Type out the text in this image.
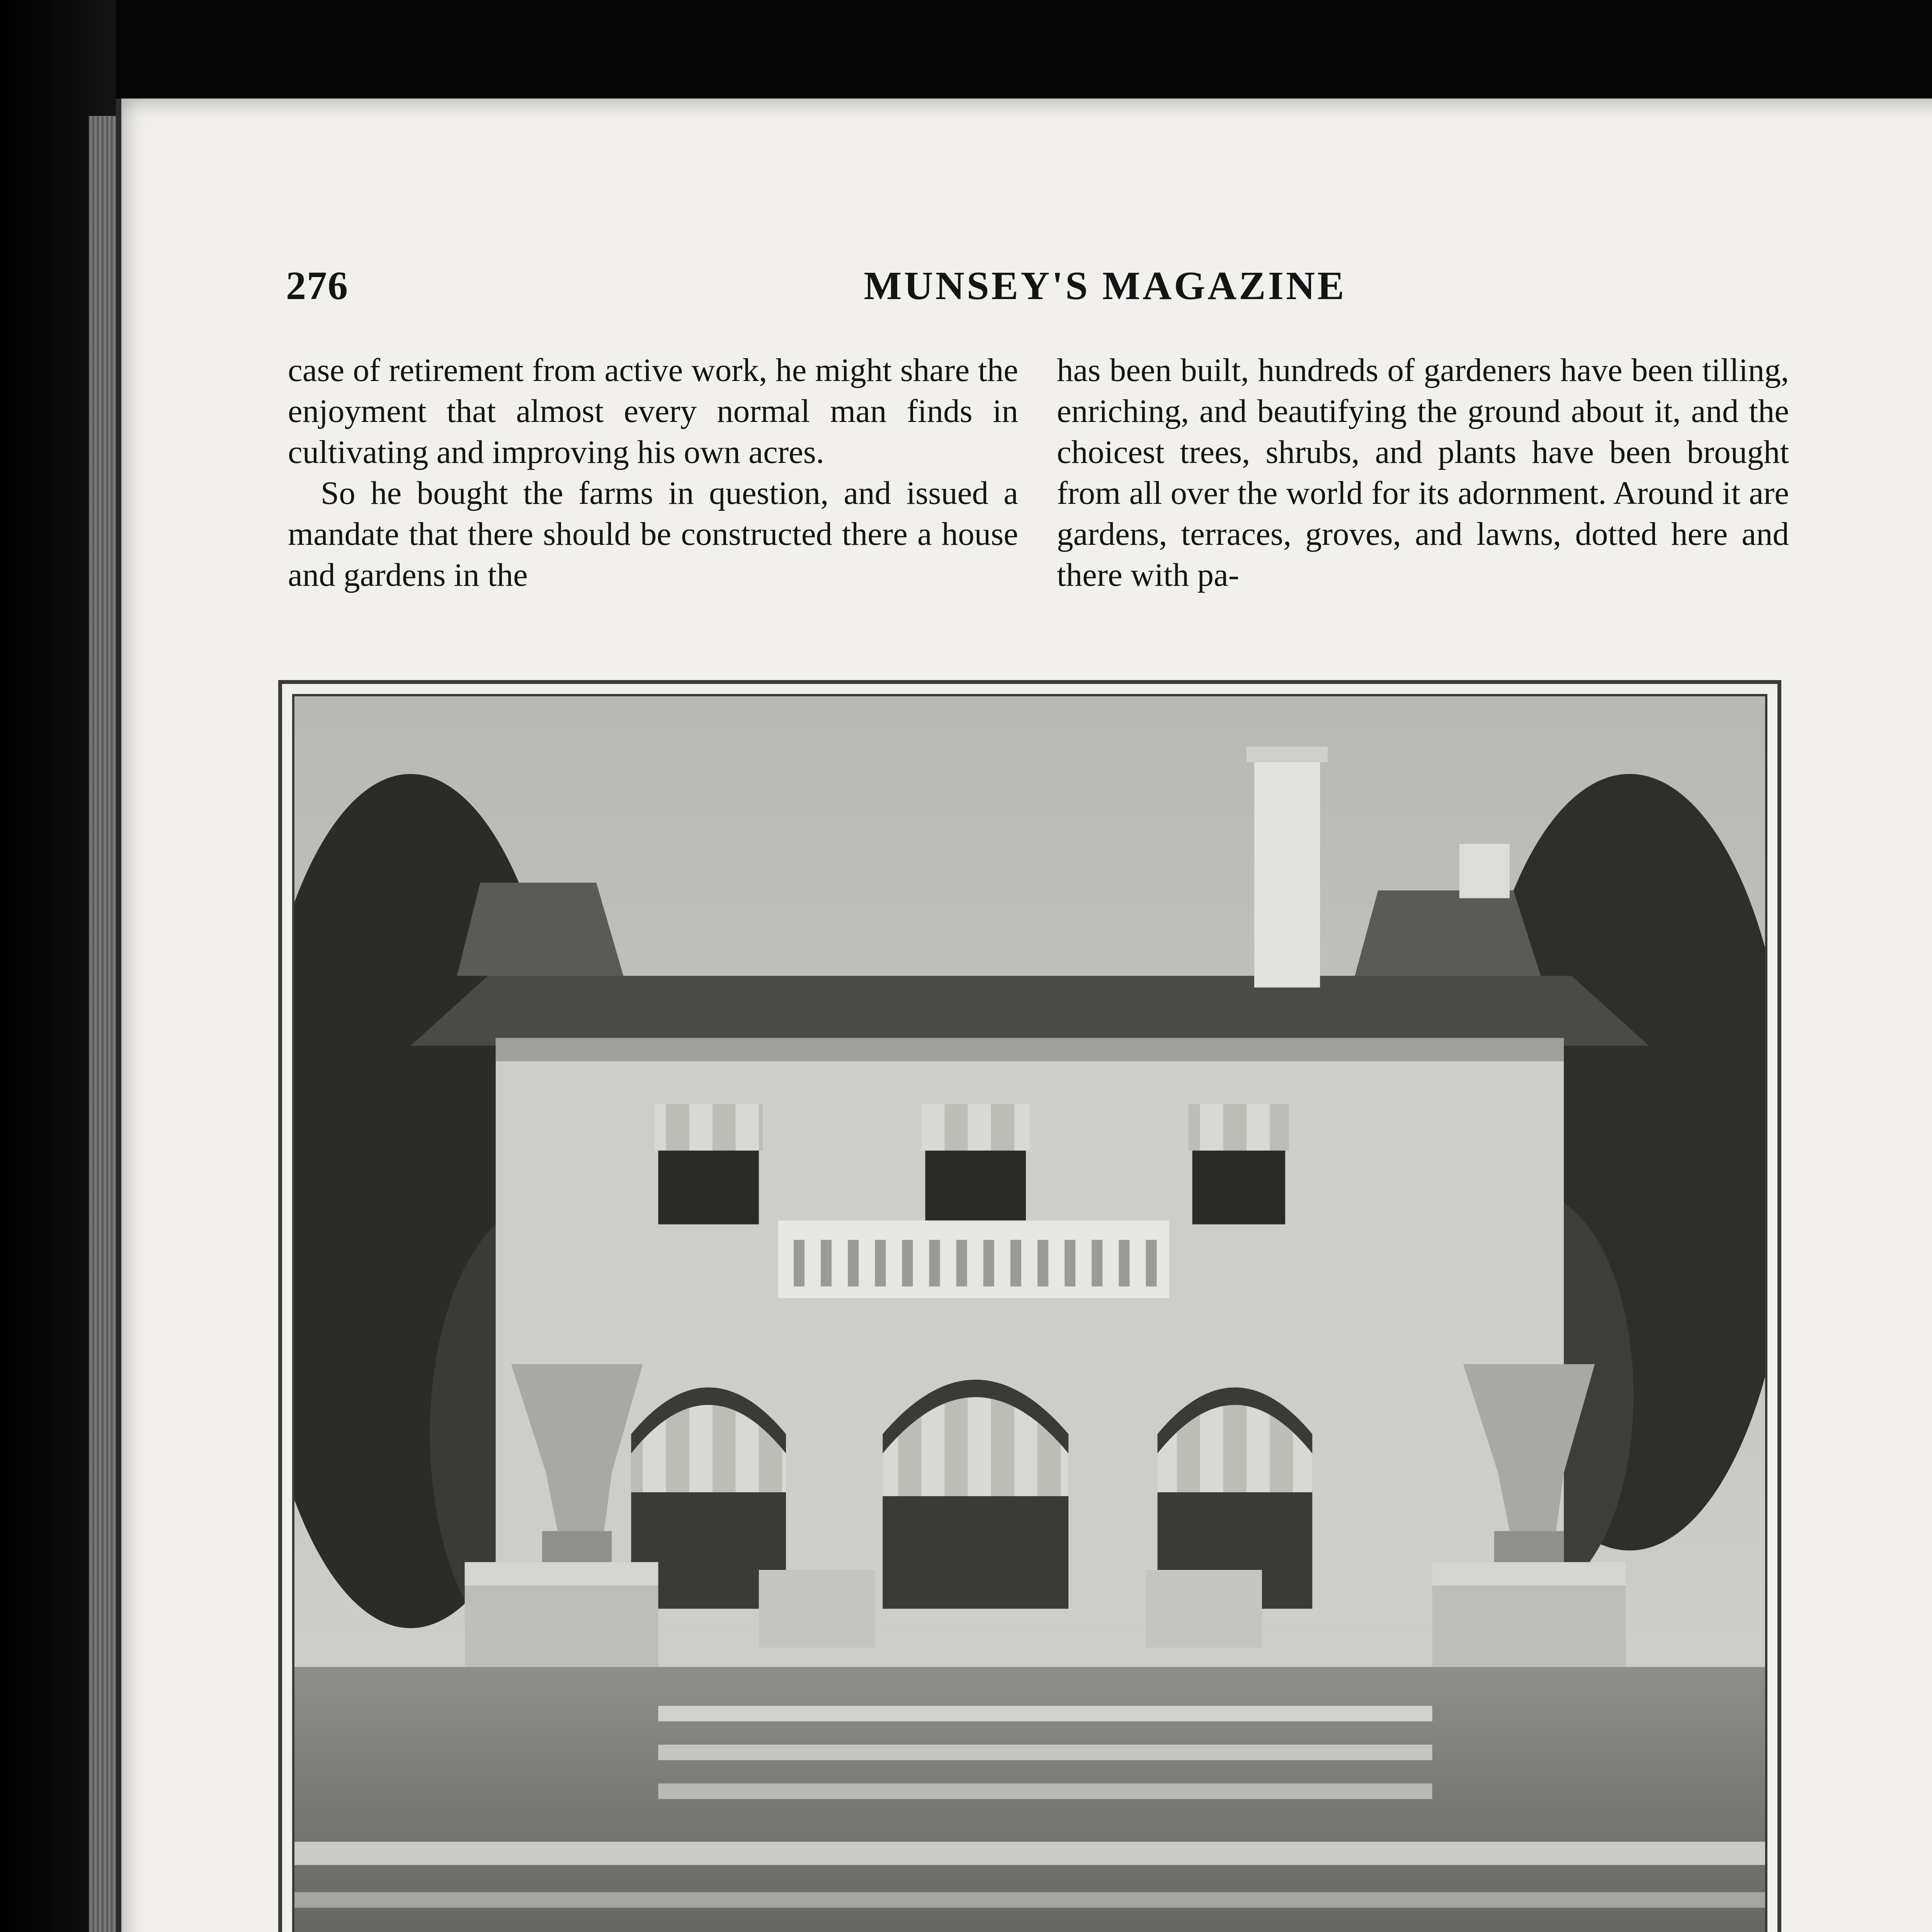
276	MUNSEY'S MAGAZINE

case of retirement from active work, he might share the enjoyment that almost every normal man finds in cultivating and improving his own acres.

So he bought the farms in question, and issued a mandate that there should be constructed there a house and gardens in the

has been built, hundreds of gardeners have been tilling, enriching, and beautifying the ground about it, and the choicest trees, shrubs, and plants have been brought from all over the world for its adornment. Around it are gardens, terraces, groves, and lawns, dotted here and there with pa-
